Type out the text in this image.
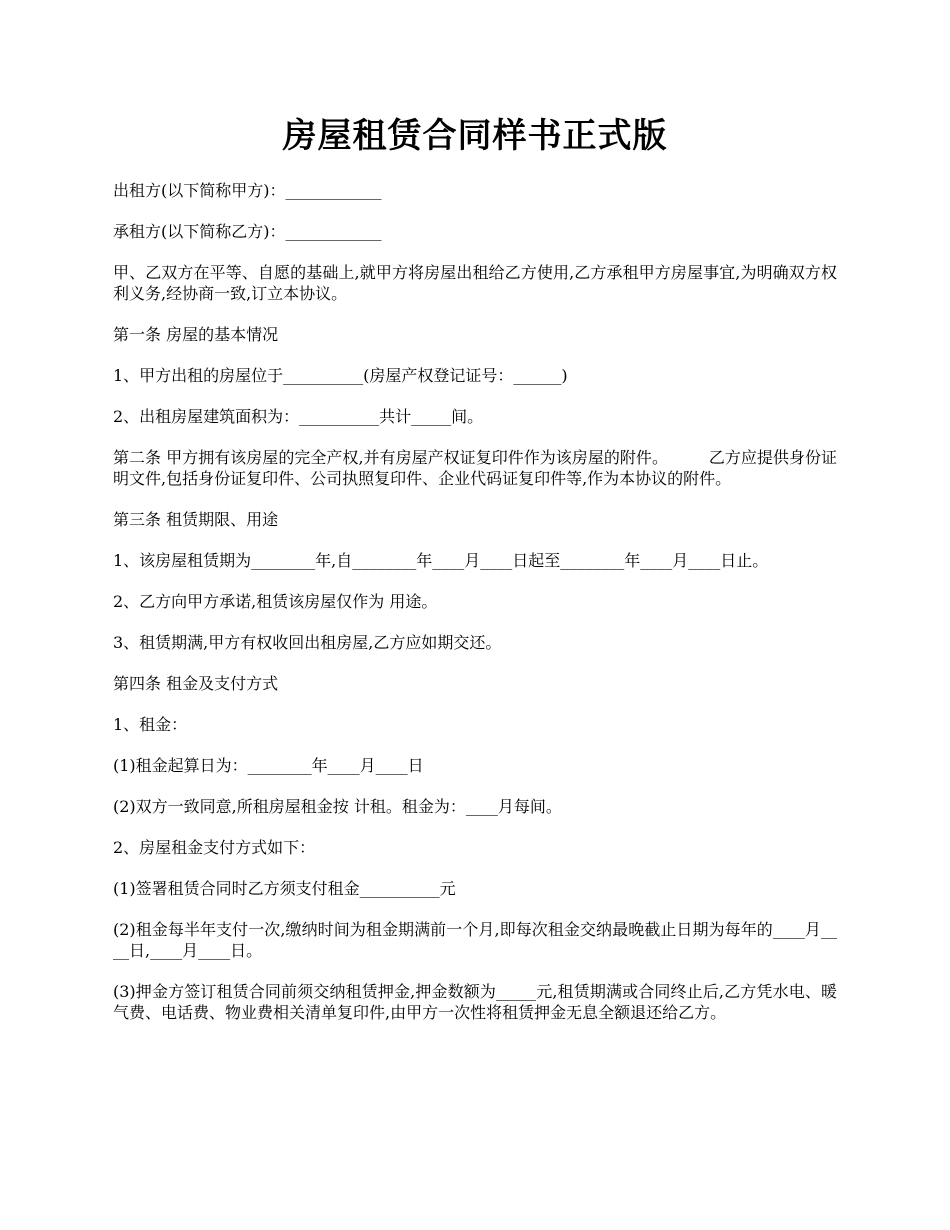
房屋租赁合同样书正式版

出租方(以下简称甲方)：____________

承租方(以下简称乙方)：____________

甲、乙双方在平等、自愿的基础上,就甲方将房屋出租给乙方使用,乙方承租甲方房屋事宜,为明确双方权利义务,经协商一致,订立本协议。

第一条 房屋的基本情况

1、甲方出租的房屋位于__________(房屋产权登记证号：______)

2、出租房屋建筑面积为：__________共计_____间。

第二条 甲方拥有该房屋的完全产权,并有房屋产权证复印件作为该房屋的附件。        乙方应提供身份证明文件,包括身份证复印件、公司执照复印件、企业代码证复印件等,作为本协议的附件。

第三条 租赁期限、用途

1、该房屋租赁期为________年,自________年____月____日起至________年____月____日止。

2、乙方向甲方承诺,租赁该房屋仅作为 用途。

3、租赁期满,甲方有权收回出租房屋,乙方应如期交还。

第四条 租金及支付方式

1、租金：

(1)租金起算日为：________年____月____日

(2)双方一致同意,所租房屋租金按 计租。租金为：____月每间。

2、房屋租金支付方式如下：

(1)签署租赁合同时乙方须支付租金__________元

(2)租金每半年支付一次,缴纳时间为租金期满前一个月,即每次租金交纳最晚截止日期为每年的____月____日,____月____日。

(3)押金方签订租赁合同前须交纳租赁押金,押金数额为_____元,租赁期满或合同终止后,乙方凭水电、暖气费、电话费、物业费相关清单复印件,由甲方一次性将租赁押金无息全额退还给乙方。
